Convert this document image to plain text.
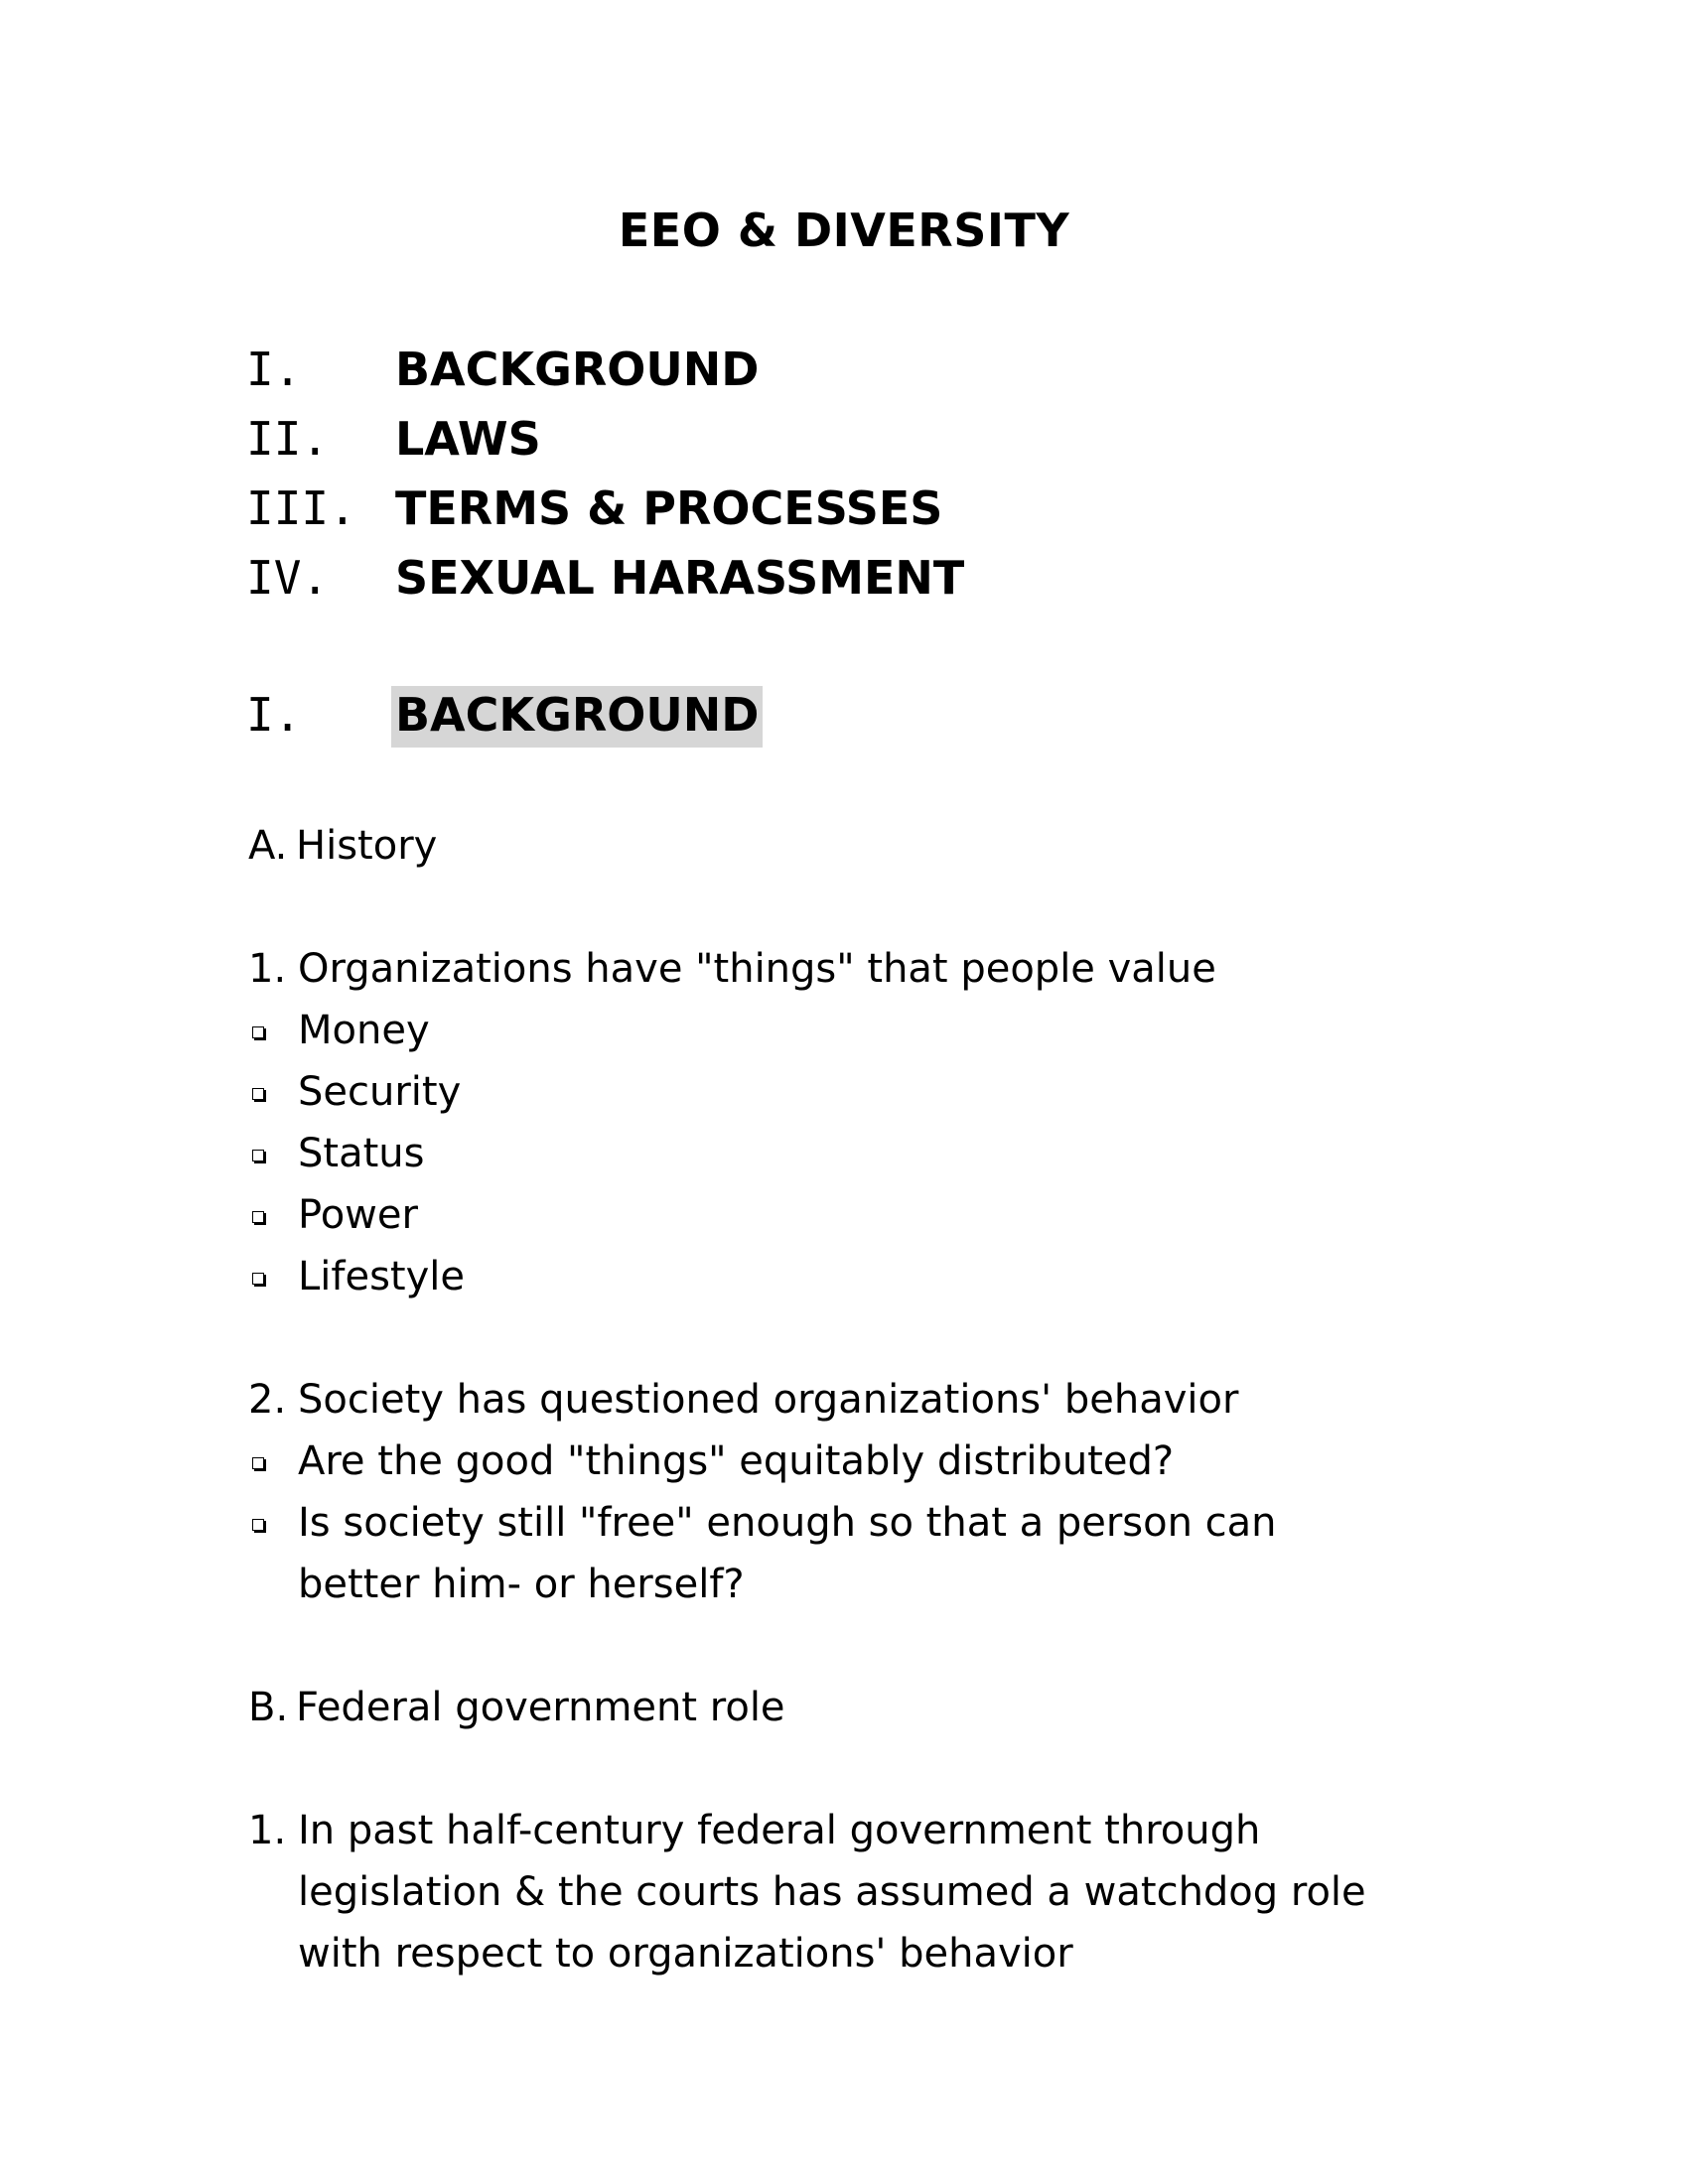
EEO & DIVERSITY
I. BACKGROUND
II. LAWS
III. TERMS & PROCESSES
IV. SEXUAL HARASSMENT
I. BACKGROUND
A. History
1. Organizations have "things" that people value
Money
Security
Status
Power
Lifestyle
2. Society has questioned organizations' behavior
Are the good "things" equitably distributed?
Is society still "free" enough so that a person can
better him- or herself?
B. Federal government role
1. In past half-century federal government through
legislation & the courts has assumed a watchdog role
with respect to organizations' behavior
